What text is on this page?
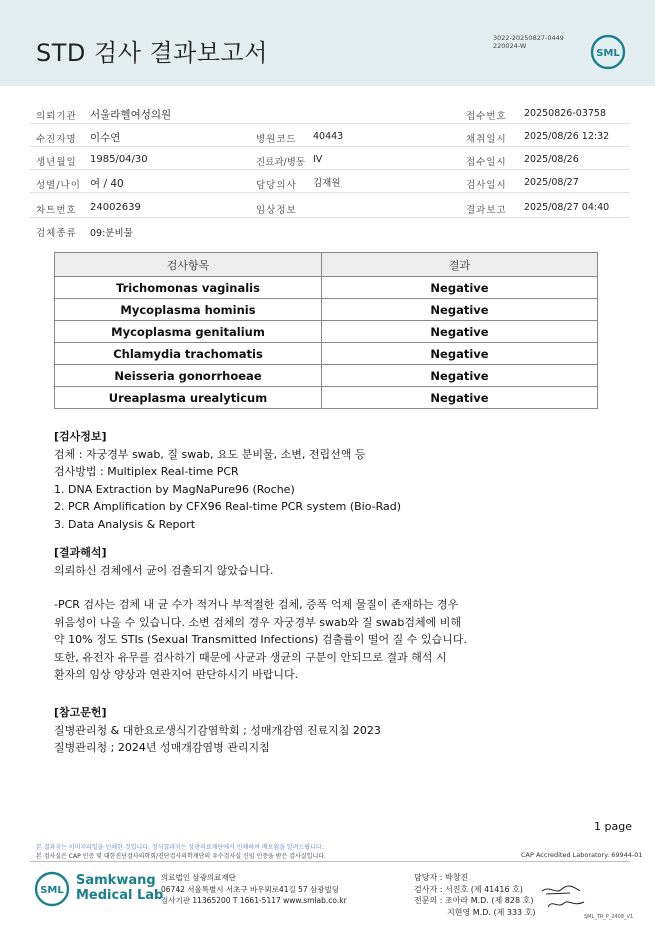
STD 검사 결과보고서
3022-20250827-0449
220024-W
SML
의뢰기관 서울라헬여성의원	접수번호 20250826-03758
수진자명 이수연	병원코드 40443	채취일시 2025/08/26 12:32
생년월일 1985/04/30	진료과/병동 IV	접수일시 2025/08/26
성별/나이 여 / 40	담당의사 김재원	검사일시 2025/08/27
차트번호 24002639	임상정보	결과보고 2025/08/27 04:40
검체종류 09:분비물
검사항목	결과
Trichomonas vaginalis	Negative
Mycoplasma hominis	Negative
Mycoplasma genitalium	Negative
Chlamydia trachomatis	Negative
Neisseria gonorrhoeae	Negative
Ureaplasma urealyticum	Negative
[검사정보]
검체 : 자궁경부 swab, 질 swab, 요도 분비물, 소변, 전립선액 등
검사방법 : Multiplex Real-time PCR
1. DNA Extraction by MagNaPure96 (Roche)
2. PCR Amplification by CFX96 Real-time PCR system (Bio-Rad)
3. Data Analysis & Report
[결과해석]
의뢰하신 검체에서 균이 검출되지 않았습니다.
-PCR 검사는 검체 내 균 수가 적거나 부적절한 검체, 증폭 억제 물질이 존재하는 경우
위음성이 나올 수 있습니다. 소변 검체의 경우 자궁경부 swab와 질 swab검체에 비해
약 10% 정도 STIs (Sexual Transmitted Infections) 검출률이 떨어 질 수 있습니다.
또한, 유전자 유무를 검사하기 때문에 사균과 생균의 구분이 안되므로 결과 해석 시
환자의 임상 양상과 연관지어 판단하시기 바랍니다.
[참고문헌]
질병관리청 & 대한요로생식기감염학회 ; 성매개감염 진료지침 2023
질병관리청 ; 2024년 성매개감염병 관리지침
1 page
본 결과지는 이미지파일을 인쇄한 것입니다. 정식결과지는 삼광의료재단에서 인쇄하여 배포됨을 알려드립니다.
본 검사실은 CAP 인증 및 대한진단검사의학회/진단검사의학재단의 우수검사실 신임 인증을 받은 검사실입니다.	CAP Accredited Laboratory. 69944-01
SML
Samkwang
Medical Lab
의료법인 삼광의료재단
06742 서울특별시 서초구 바우뫼로41길 57 삼광빌딩
검사기관 11365200 T 1661-5117 www.smlab.co.kr
담당자 : 박창진
검사자 : 서진호 (제 41416 호)
전문의 : 조아라 M.D. (제 828 호)
지현영 M.D. (제 333 호)
SML_TR_P_2408_V1
